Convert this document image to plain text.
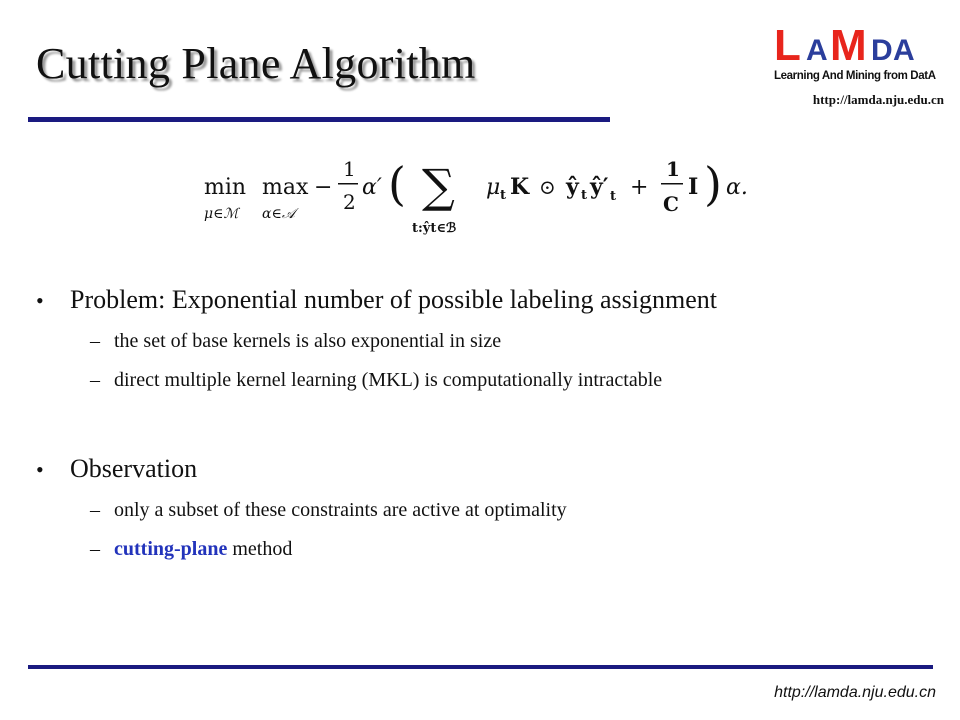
Cutting Plane Algorithm	L A M D A
Learning And Mining from DatA
http://lamda.nju.edu.cn
min max
μ∈ℳ α∈𝒜
−
1
2
α′ ( ∑
t:ŷt∈ℬ
μ t K ⊙ ŷ t ŷ′ t +
1
C
I ) α.
•	Problem: Exponential number of possible labeling assignment
– the set of base kernels is also exponential in size
– direct multiple kernel learning (MKL) is computationally intractable
•	Observation
– only a subset of these constraints are active at optimality
– cutting-plane method
http://lamda.nju.edu.cn
